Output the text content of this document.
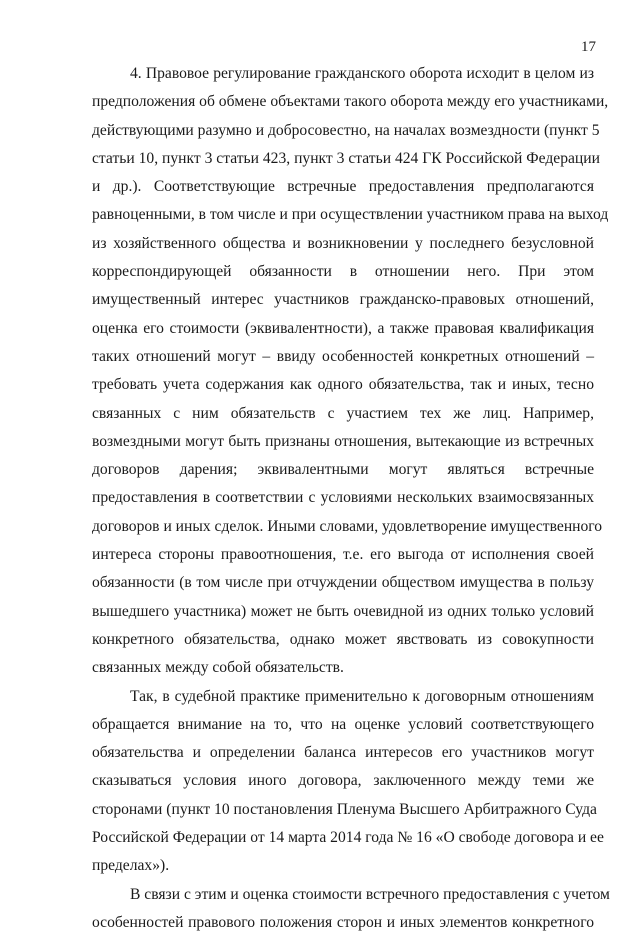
17

4. Правовое регулирование гражданского оборота исходит в целом из

предположения об обмене объектами такого оборота между его участниками,

действующими разумно и добросовестно, на началах возмездности (пункт 5

статьи 10, пункт 3 статьи 423, пункт 3 статьи 424 ГК Российской Федерации

и др.). Соответствующие встречные предоставления предполагаются

равноценными, в том числе и при осуществлении участником права на выход

из хозяйственного общества и возникновении у последнего безусловной

корреспондирующей обязанности в отношении него. При этом

имущественный интерес участников гражданско-правовых отношений,

оценка его стоимости (эквивалентности), а также правовая квалификация

таких отношений могут – ввиду особенностей конкретных отношений –

требовать учета содержания как одного обязательства, так и иных, тесно

связанных с ним обязательств с участием тех же лиц. Например,

возмездными могут быть признаны отношения, вытекающие из встречных

договоров дарения; эквивалентными могут являться встречные

предоставления в соответствии с условиями нескольких взаимосвязанных

договоров и иных сделок. Иными словами, удовлетворение имущественного

интереса стороны правоотношения, т.е. его выгода от исполнения своей

обязанности (в том числе при отчуждении обществом имущества в пользу

вышедшего участника) может не быть очевидной из одних только условий

конкретного обязательства, однако может явствовать из совокупности

связанных между собой обязательств.

Так, в судебной практике применительно к договорным отношениям

обращается внимание на то, что на оценке условий соответствующего

обязательства и определении баланса интересов его участников могут

сказываться условия иного договора, заключенного между теми же

сторонами (пункт 10 постановления Пленума Высшего Арбитражного Суда

Российской Федерации от 14 марта 2014 года № 16 «О свободе договора и ее

пределах»).

В связи с этим и оценка стоимости встречного предоставления с учетом

особенностей правового положения сторон и иных элементов конкретного
